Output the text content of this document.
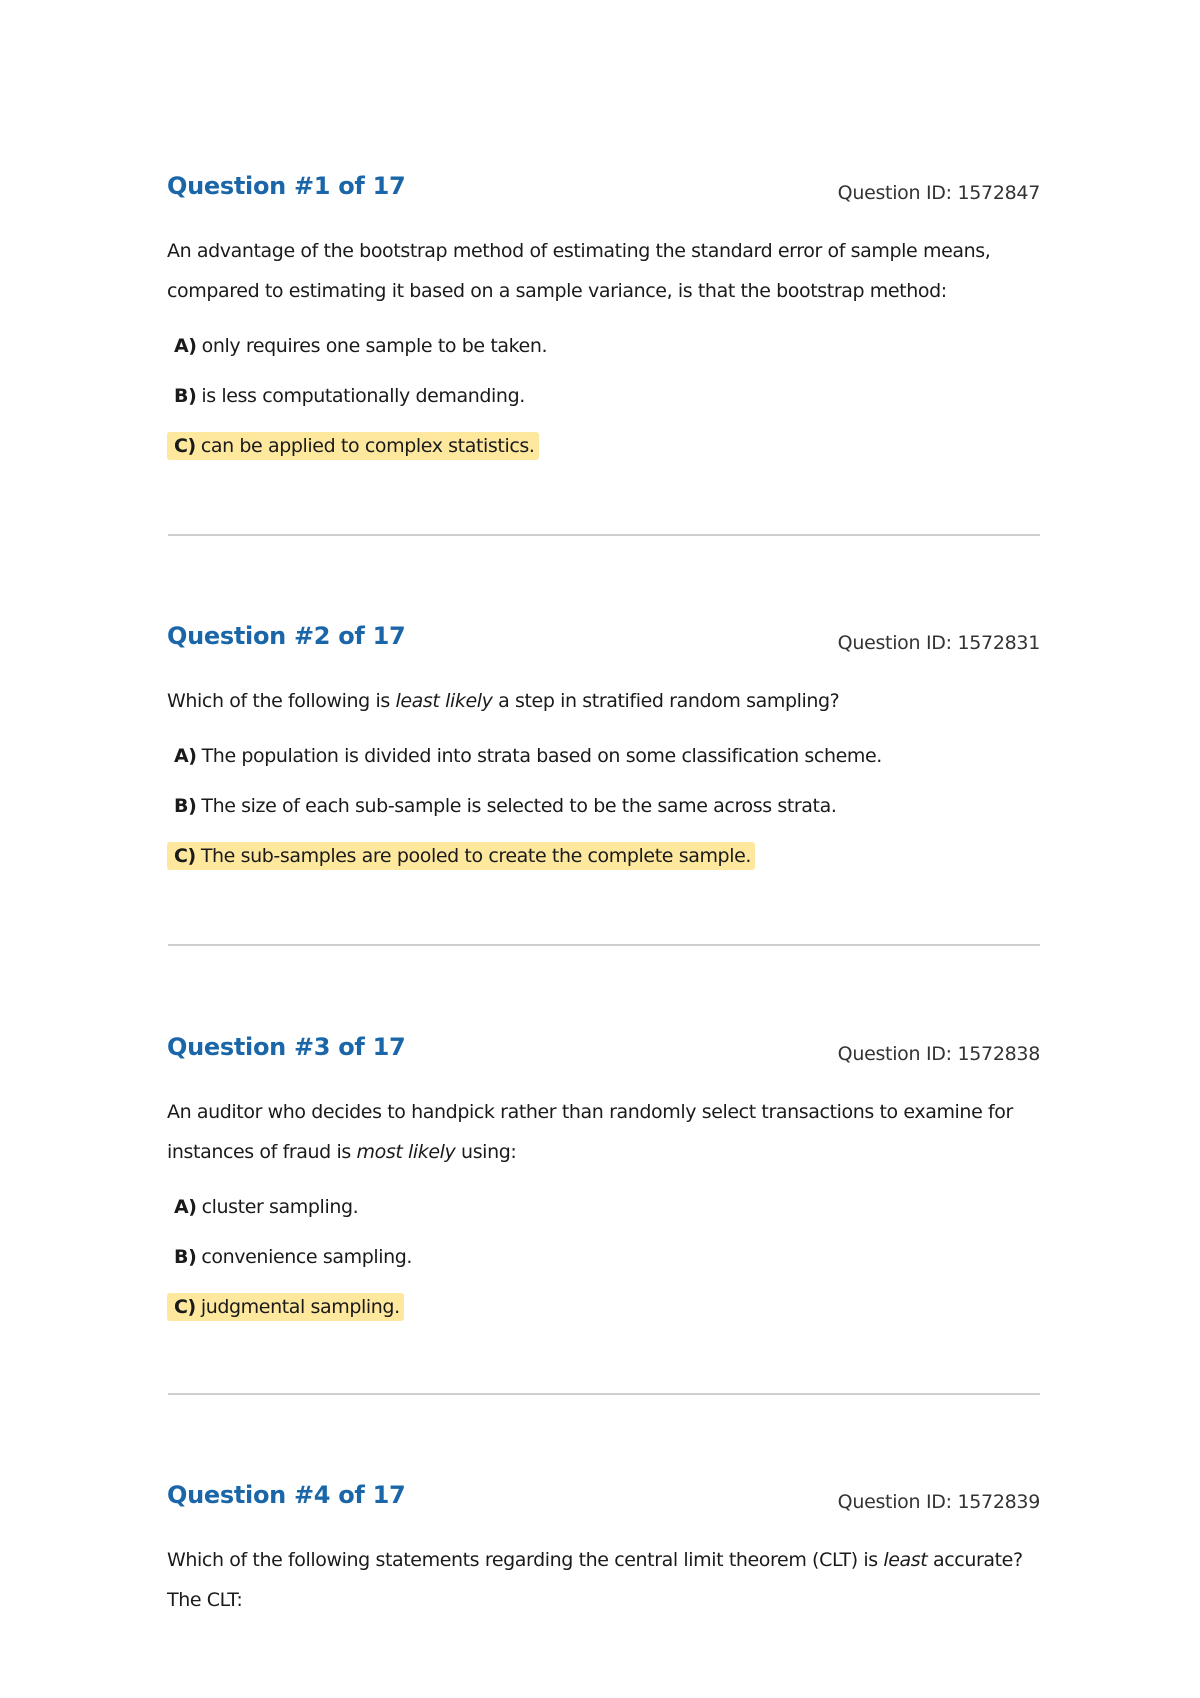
Question #1 of 17	Question ID: 1572847
An advantage of the bootstrap method of estimating the standard error of sample means, compared to estimating it based on a sample variance, is that the bootstrap method:
A) only requires one sample to be taken.
B) is less computationally demanding.
C) can be applied to complex statistics.
Question #2 of 17	Question ID: 1572831
Which of the following is least likely a step in stratified random sampling?
A) The population is divided into strata based on some classification scheme.
B) The size of each sub-sample is selected to be the same across strata.
C) The sub-samples are pooled to create the complete sample.
Question #3 of 17	Question ID: 1572838
An auditor who decides to handpick rather than randomly select transactions to examine for instances of fraud is most likely using:
A) cluster sampling.
B) convenience sampling.
C) judgmental sampling.
Question #4 of 17	Question ID: 1572839
Which of the following statements regarding the central limit theorem (CLT) is least accurate? The CLT:
